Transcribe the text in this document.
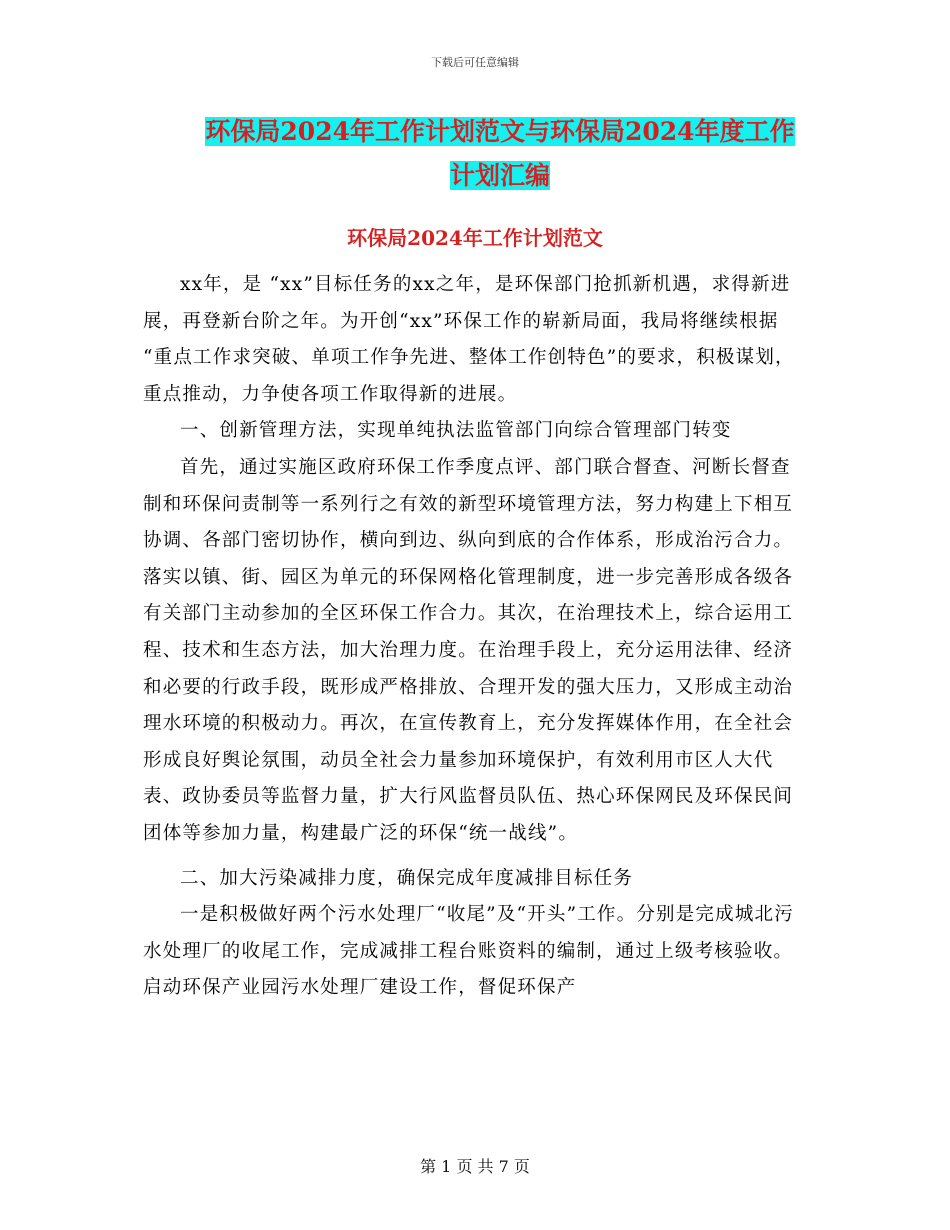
下载后可任意编辑
环保局2024年工作计划范文与环保局2024年度工作计划汇编
环保局2024年工作计划范文

xx年，是 “xx”目标任务的xx之年，是环保部门抢抓新机遇，求得新进展，再登新台阶之年。为开创“xx”环保工作的崭新局面，我局将继续根据 “重点工作求突破、单项工作争先进、整体工作创特色”的要求，积极谋划，重点推动，力争使各项工作取得新的进展。

一、创新管理方法，实现单纯执法监管部门向综合管理部门转变

首先，通过实施区政府环保工作季度点评、部门联合督查、河断长督查制和环保问责制等一系列行之有效的新型环境管理方法，努力构建上下相互协调、各部门密切协作，横向到边、纵向到底的合作体系，形成治污合力。落实以镇、街、园区为单元的环保网格化管理制度，进一步完善形成各级各有关部门主动参加的全区环保工作合力。其次，在治理技术上，综合运用工程、技术和生态方法，加大治理力度。在治理手段上，充分运用法律、经济和必要的行政手段，既形成严格排放、合理开发的强大压力，又形成主动治理水环境的积极动力。再次，在宣传教育上，充分发挥媒体作用，在全社会形成良好舆论氛围，动员全社会力量参加环境保护，有效利用市区人大代表、政协委员等监督力量，扩大行风监督员队伍、热心环保网民及环保民间团体等参加力量，构建最广泛的环保“统一战线”。

二、加大污染减排力度，确保完成年度减排目标任务

一是积极做好两个污水处理厂“收尾”及“开头”工作。分别是完成城北污水处理厂的收尾工作，完成减排工程台账资料的编制，通过上级考核验收。启动环保产业园污水处理厂建设工作，督促环保产

第 1 页 共 7 页
